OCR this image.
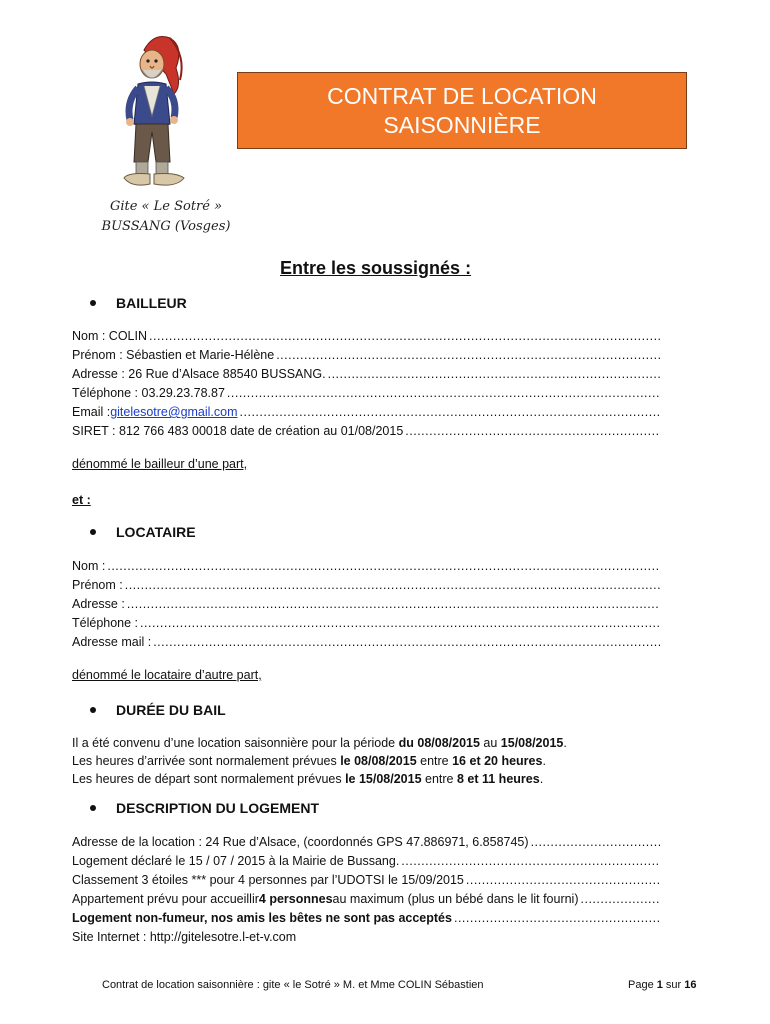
CONTRAT DE LOCATION
SAISONNIÈRE
Gite « Le Sotré »
BUSSANG (Vosges)
Entre les soussignés :
BAILLEUR
Nom : COLIN
.....
Prénom : Sébastien et Marie-Hélène
.....
Adresse : 26 Rue d’Alsace 88540 BUSSANG.
.....
Téléphone : 03.29.23.78.87
.....
Email : gitelesotre@gmail.com
.....
SIRET : 812 766 483 00018 date de création au 01/08/2015
.....
dénommé le bailleur d’une part,
et :
LOCATAIRE
Nom :
.....
Prénom :
.....
Adresse :
.....
Téléphone :
.....
Adresse mail :
.....
dénommé le locataire d’autre part,
DURÉE DU BAIL
Il a été convenu d’une location saisonnière pour la période du 08/08/2015 au 15/08/2015.
Les heures d’arrivée sont normalement prévues le 08/08/2015 entre 16 et 20 heures.
Les heures de départ sont normalement prévues le 15/08/2015 entre 8 et 11 heures.
DESCRIPTION DU LOGEMENT
Adresse de la location : 24 Rue d’Alsace, (coordonnés GPS 47.886971, 6.858745)
.....
Logement déclaré le 15 / 07 / 2015 à la Mairie de Bussang.
.....
Classement 3 étoiles *** pour 4 personnes par l’UDOTSI le 15/09/2015
.....
Appartement prévu pour accueillir 4 personnes au maximum (plus un bébé dans le lit fourni)
.....
Logement non-fumeur, nos amis les bêtes ne sont pas acceptés
.....
Site Internet : http://gitelesotre.l-et-v.com
Contrat de location saisonnière : gite « le Sotré » M. et Mme COLIN Sébastien	Page 1 sur 16
